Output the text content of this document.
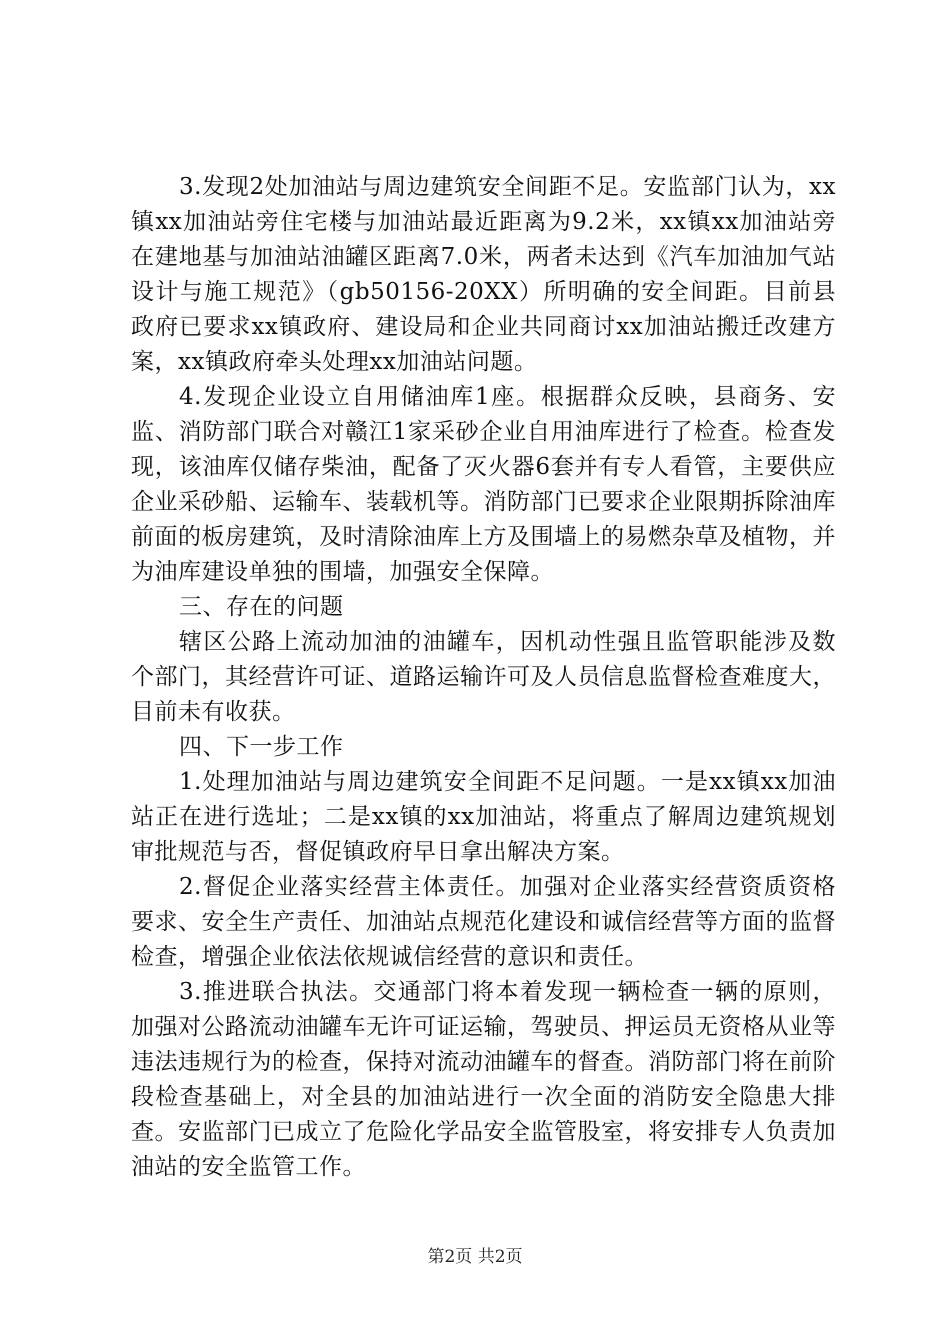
3.发现2处加油站与周边建筑安全间距不足。安监部门认为，xx镇xx加油站旁住宅楼与加油站最近距离为9.2米，xx镇xx加油站旁在建地基与加油站油罐区距离7.0米，两者未达到《汽车加油加气站设计与施工规范》（gb50156-20XX）所明确的安全间距。目前县政府已要求xx镇政府、建设局和企业共同商讨xx加油站搬迁改建方案，xx镇政府牵头处理xx加油站问题。

4.发现企业设立自用储油库1座。根据群众反映，县商务、安监、消防部门联合对赣江1家采砂企业自用油库进行了检查。检查发现，该油库仅储存柴油，配备了灭火器6套并有专人看管，主要供应企业采砂船、运输车、装载机等。消防部门已要求企业限期拆除油库前面的板房建筑，及时清除油库上方及围墙上的易燃杂草及植物，并为油库建设单独的围墙，加强安全保障。

三、存在的问题

辖区公路上流动加油的油罐车，因机动性强且监管职能涉及数个部门，其经营许可证、道路运输许可及人员信息监督检查难度大，目前未有收获。

四、下一步工作

1.处理加油站与周边建筑安全间距不足问题。一是xx镇xx加油站正在进行选址；二是xx镇的xx加油站，将重点了解周边建筑规划审批规范与否，督促镇政府早日拿出解决方案。

2.督促企业落实经营主体责任。加强对企业落实经营资质资格要求、安全生产责任、加油站点规范化建设和诚信经营等方面的监督检查，增强企业依法依规诚信经营的意识和责任。

3.推进联合执法。交通部门将本着发现一辆检查一辆的原则，加强对公路流动油罐车无许可证运输，驾驶员、押运员无资格从业等违法违规行为的检查，保持对流动油罐车的督查。消防部门将在前阶段检查基础上，对全县的加油站进行一次全面的消防安全隐患大排查。安监部门已成立了危险化学品安全监管股室，将安排专人负责加油站的安全监管工作。

第2页 共2页
